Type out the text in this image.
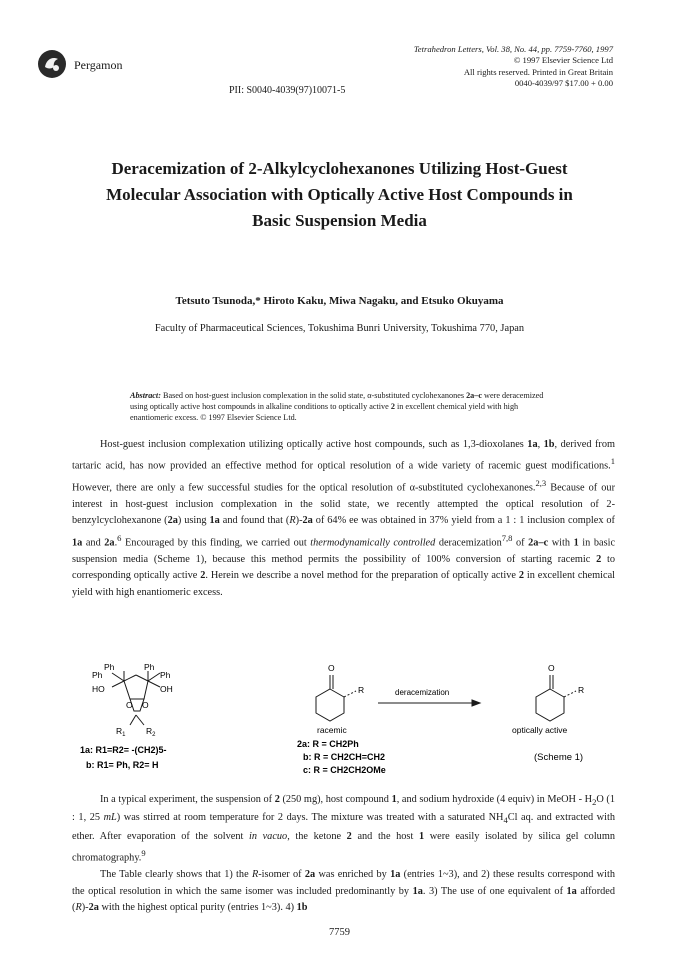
Pergamon
Tetrahedron Letters, Vol. 38, No. 44, pp. 7759-7760, 1997
© 1997 Elsevier Science Ltd
All rights reserved. Printed in Great Britain
0040-4039/97 $17.00 + 0.00
PII: S0040-4039(97)10071-5
Deracemization of 2-Alkylcyclohexanones Utilizing Host-Guest
Molecular Association with Optically Active Host Compounds in
Basic Suspension Media
Tetsuto Tsunoda,* Hiroto Kaku, Miwa Nagaku, and Etsuko Okuyama
Faculty of Pharmaceutical Sciences, Tokushima Bunri University, Tokushima 770, Japan
Abstract: Based on host-guest inclusion complexation in the solid state, α-substituted cyclohexanones 2a–c were deracemized using optically active host compounds in alkaline conditions to optically active 2 in excellent chemical yield with high enantiomeric excess. © 1997 Elsevier Science Ltd.

Host-guest inclusion complexation utilizing optically active host compounds, such as 1,3-dioxolanes 1a, 1b, derived from tartaric acid, has now provided an effective method for optical resolution of a wide variety of racemic guest modifications.$^1$ However, there are only a few successful studies for the optical resolution of α-substituted cyclohexanones.$^{2,3}$ Because of our interest in host-guest inclusion complexation in the solid state, we recently attempted the optical resolution of 2-benzylcyclohexanone (2a) using 1a and found that (R)-2a of 64% ee was obtained in 37% yield from a 1 : 1 inclusion complex of 1a and 2a.$^6$ Encouraged by this finding, we carried out thermodynamically controlled deracemization$^{7,8}$ of 2a–c with 1 in basic suspension media (Scheme 1), because this method permits the possibility of 100% conversion of starting racemic 2 to corresponding optically active 2. Herein we describe a novel method for the preparation of optically active 2 in excellent chemical yield with high enantiomeric excess.

Ph	Ph
Ph	Ph
HO	OH
O O
$R_1$ $R_2$
1a: R1=R2= -(CH2)5-
b: R1= Ph, R2= H
O
R	deracemization
O
R
racemic	optically active
2a: R = CH2Ph
b: R = CH2CH=CH2
c: R = CH2CH2OMe
(Scheme 1)

In a typical experiment, the suspension of 2 (250 mg), host compound 1, and sodium hydroxide (4 equiv) in MeOH - $H_2O$ (1 : 1, 25 mL) was stirred at room temperature for 2 days. The mixture was treated with a saturated $NH_4Cl$ aq. and extracted with ether. After evaporation of the solvent in vacuo, the ketone 2 and the host 1 were easily isolated by silica gel column chromatography.$^9$

The Table clearly shows that 1) the R-isomer of 2a was enriched by 1a (entries 1~3), and 2) these results correspond with the optical resolution in which the same isomer was included predominantly by 1a. 3) The use of one equivalent of 1a afforded (R)-2a with the highest optical purity (entries 1~3). 4) 1b

7759
